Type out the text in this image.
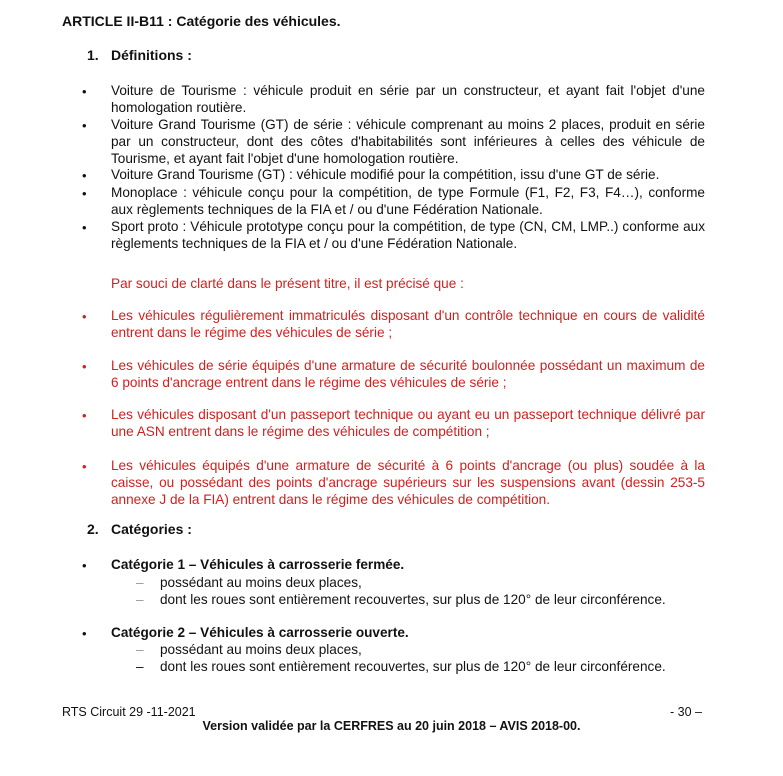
ARTICLE II-B11 : Catégorie des véhicules.
1. Définitions :
• Voiture de Tourisme : véhicule produit en série par un constructeur, et ayant fait l'objet d'une homologation routière.
• Voiture Grand Tourisme (GT) de série : véhicule comprenant au moins 2 places, produit en série par un constructeur, dont des côtes d'habitabilités sont inférieures à celles des véhicule de Tourisme, et ayant fait l'objet d'une homologation routière.
• Voiture Grand Tourisme (GT) : véhicule modifié pour la compétition, issu d'une GT de série.
• Monoplace : véhicule conçu pour la compétition, de type Formule (F1, F2, F3, F4…), conforme aux règlements techniques de la FIA et / ou d'une Fédération Nationale.
• Sport proto : Véhicule prototype conçu pour la compétition, de type (CN, CM, LMP..) conforme aux règlements techniques de la FIA et / ou d'une Fédération Nationale.
Par souci de clarté dans le présent titre, il est précisé que :
• Les véhicules régulièrement immatriculés disposant d'un contrôle technique en cours de validité entrent dans le régime des véhicules de série ;
• Les véhicules de série équipés d'une armature de sécurité boulonnée possédant un maximum de 6 points d'ancrage entrent dans le régime des véhicules de série ;
• Les véhicules disposant d'un passeport technique ou ayant eu un passeport technique délivré par une ASN entrent dans le régime des véhicules de compétition ;
• Les véhicules équipés d'une armature de sécurité à 6 points d'ancrage (ou plus) soudée à la caisse, ou possédant des points d'ancrage supérieurs sur les suspensions avant (dessin 253-5 annexe J de la FIA) entrent dans le régime des véhicules de compétition.
2. Catégories :
• Catégorie 1 – Véhicules à carrosserie fermée.
– possédant au moins deux places,
– dont les roues sont entièrement recouvertes, sur plus de 120° de leur circonférence.
• Catégorie 2 – Véhicules à carrosserie ouverte.
– possédant au moins deux places,
– dont les roues sont entièrement recouvertes, sur plus de 120° de leur circonférence.
RTS Circuit 29 -11-2021	- 30 –
Version validée par la CERFRES au 20 juin 2018 – AVIS 2018-00.
